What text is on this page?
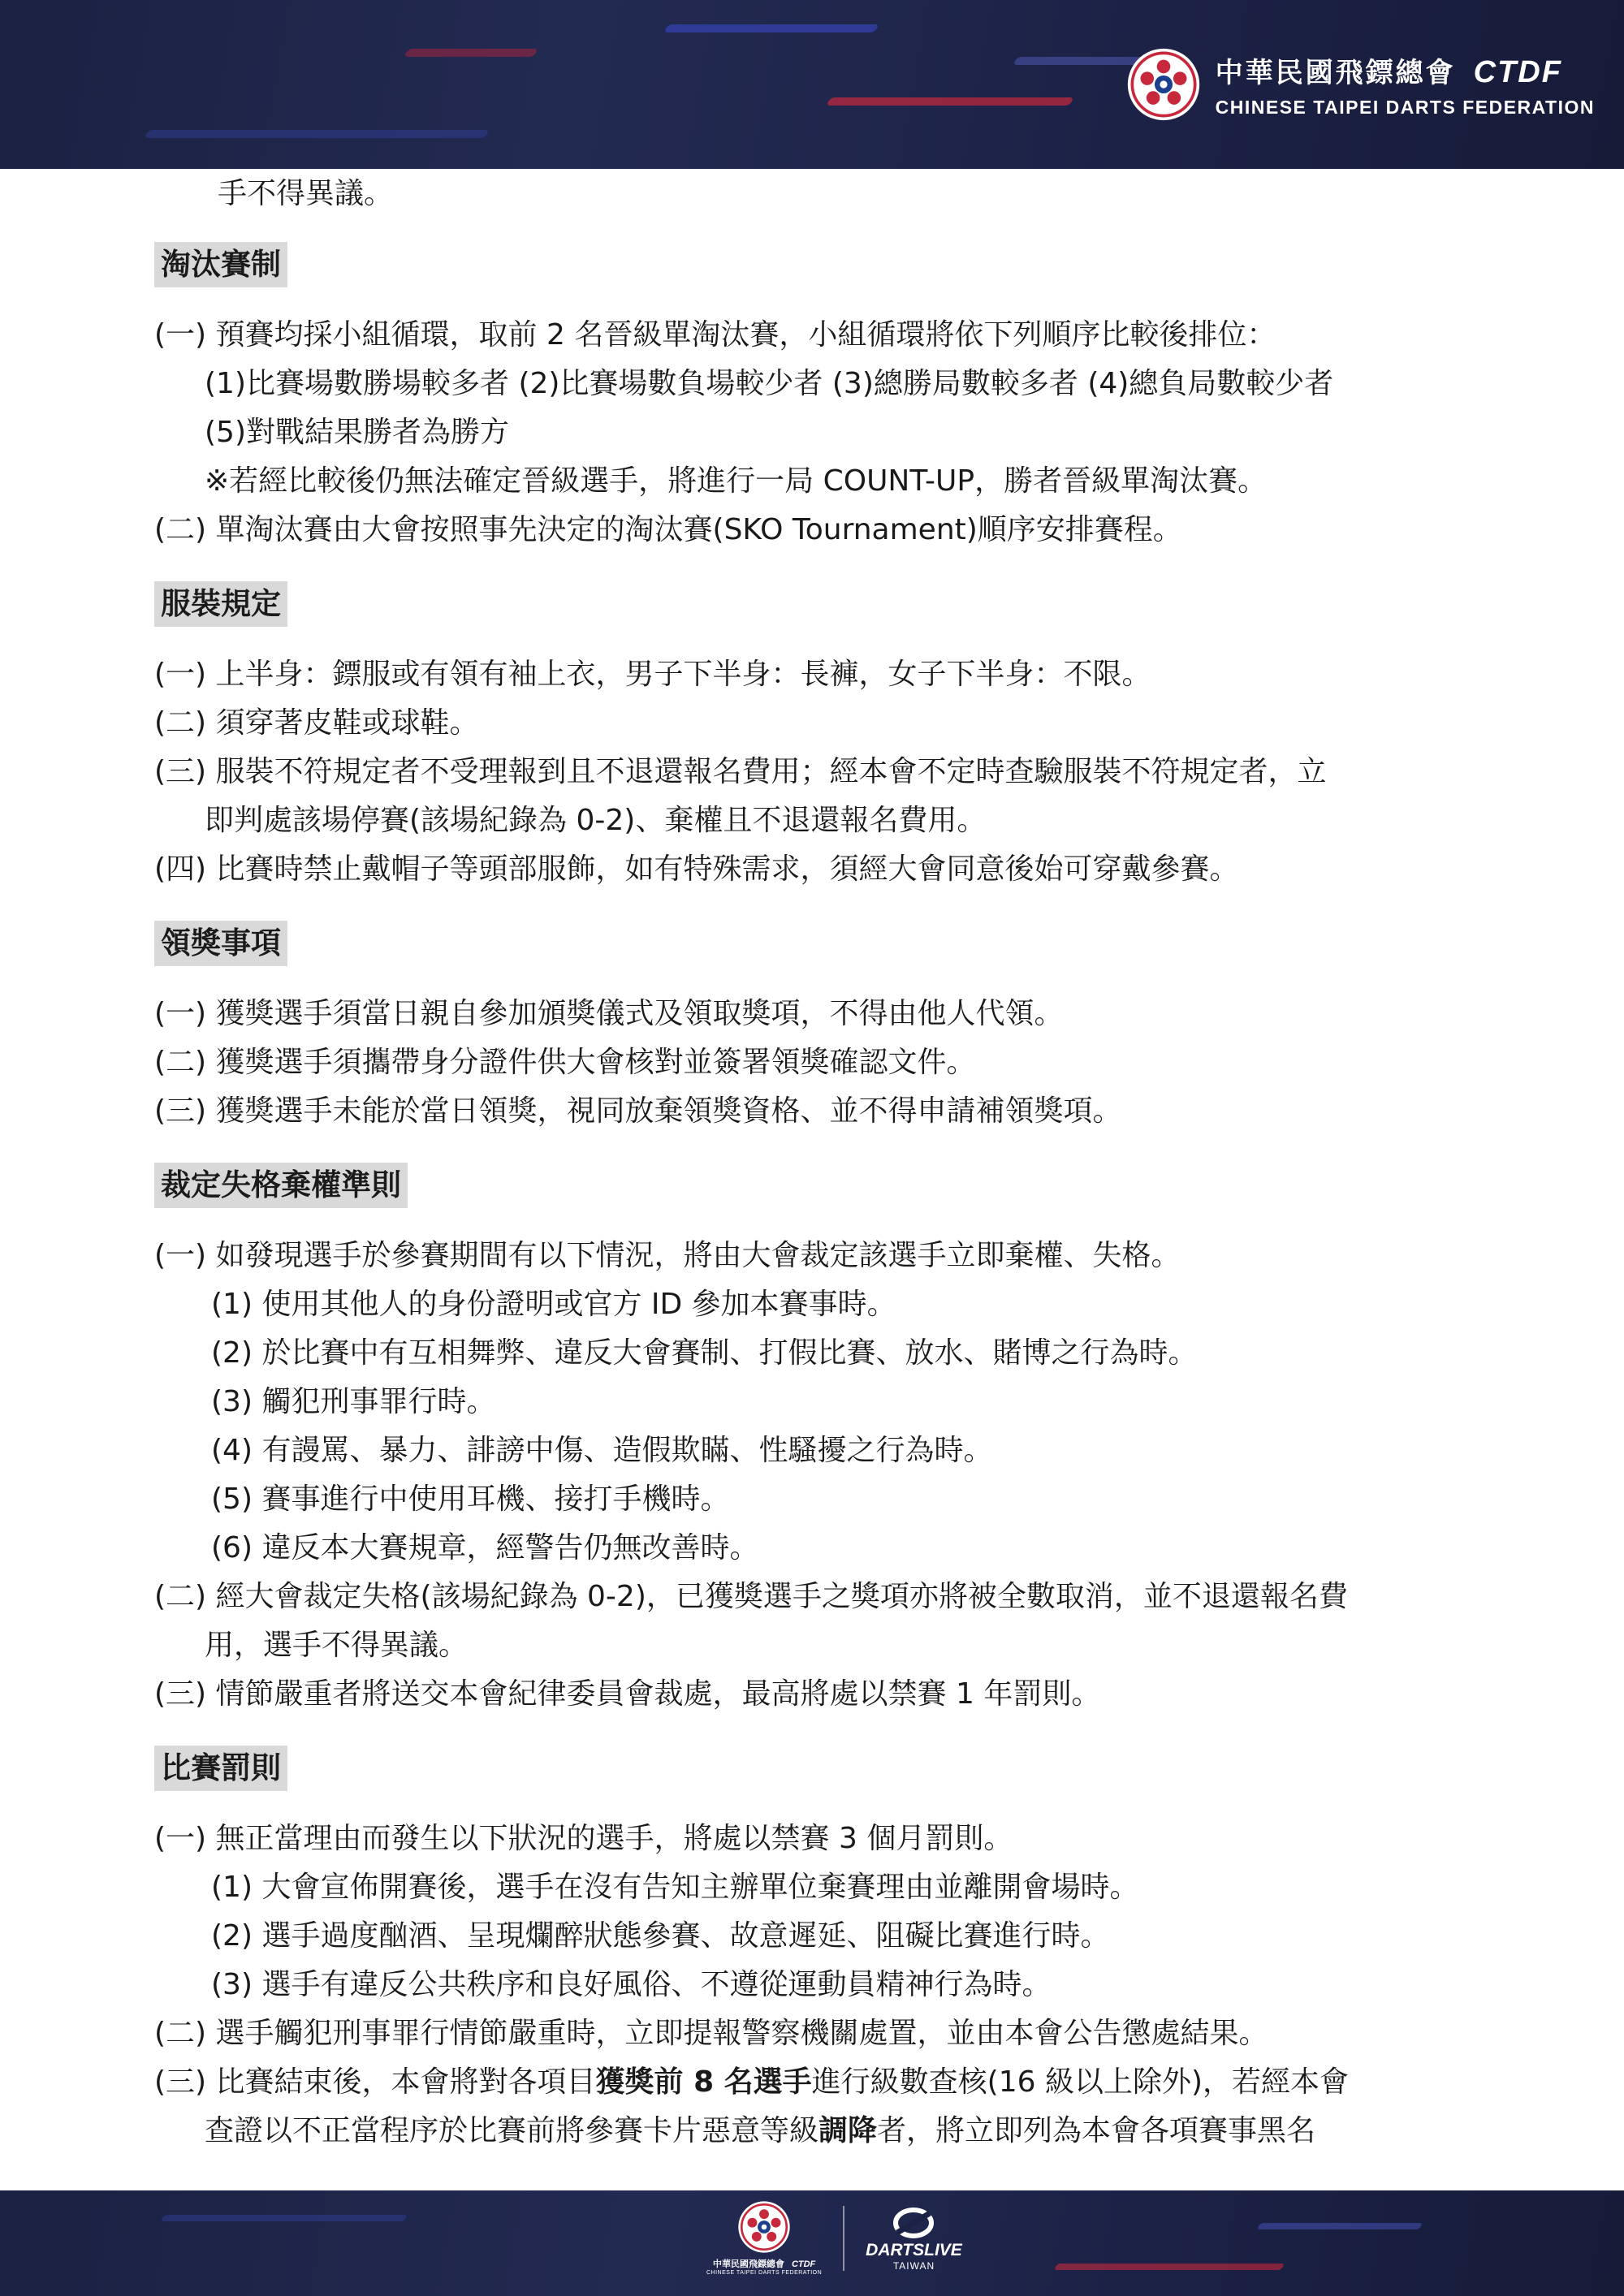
中華民國飛鏢總會 CTDF
CHINESE TAIPEI DARTS FEDERATION
手不得異議。
淘汰賽制
(一) 預賽均採小組循環，取前 2 名晉級單淘汰賽，小組循環將依下列順序比較後排位：
(1)比賽場數勝場較多者 (2)比賽場數負場較少者 (3)總勝局數較多者 (4)總負局數較少者
(5)對戰結果勝者為勝方
※若經比較後仍無法確定晉級選手，將進行一局 COUNT-UP，勝者晉級單淘汰賽。
(二) 單淘汰賽由大會按照事先決定的淘汰賽(SKO Tournament)順序安排賽程。
服裝規定
(一) 上半身：鏢服或有領有袖上衣，男子下半身：長褲，女子下半身：不限。
(二) 須穿著皮鞋或球鞋。
(三) 服裝不符規定者不受理報到且不退還報名費用；經本會不定時查驗服裝不符規定者，立
即判處該場停賽(該場紀錄為 0-2)、棄權且不退還報名費用。
(四) 比賽時禁止戴帽子等頭部服飾，如有特殊需求，須經大會同意後始可穿戴參賽。
領獎事項
(一) 獲獎選手須當日親自參加頒獎儀式及領取獎項，不得由他人代領。
(二) 獲獎選手須攜帶身分證件供大會核對並簽署領獎確認文件。
(三) 獲獎選手未能於當日領獎，視同放棄領獎資格、並不得申請補領獎項。
裁定失格棄權準則
(一) 如發現選手於參賽期間有以下情況，將由大會裁定該選手立即棄權、失格。
(1) 使用其他人的身份證明或官方 ID 參加本賽事時。
(2) 於比賽中有互相舞弊、違反大會賽制、打假比賽、放水、賭博之行為時。
(3) 觸犯刑事罪行時。
(4) 有謾罵、暴力、誹謗中傷、造假欺瞞、性騷擾之行為時。
(5) 賽事進行中使用耳機、接打手機時。
(6) 違反本大賽規章，經警告仍無改善時。
(二) 經大會裁定失格(該場紀錄為 0-2)，已獲獎選手之獎項亦將被全數取消，並不退還報名費
用，選手不得異議。
(三) 情節嚴重者將送交本會紀律委員會裁處，最高將處以禁賽 1 年罰則。
比賽罰則
(一) 無正當理由而發生以下狀況的選手，將處以禁賽 3 個月罰則。
(1) 大會宣佈開賽後，選手在沒有告知主辦單位棄賽理由並離開會場時。
(2) 選手過度酗酒、呈現爛醉狀態參賽、故意遲延、阻礙比賽進行時。
(3) 選手有違反公共秩序和良好風俗、不遵從運動員精神行為時。
(二) 選手觸犯刑事罪行情節嚴重時，立即提報警察機關處置，並由本會公告懲處結果。
(三) 比賽結束後，本會將對各項目獲獎前 8 名選手進行級數查核(16 級以上除外)，若經本會
查證以不正當程序於比賽前將參賽卡片惡意等級調降者，將立即列為本會各項賽事黑名
中華民國飛鏢總會 CTDF
CHINESE TAIPEI DARTS FEDERATION
DARTSLIVE
TAIWAN
